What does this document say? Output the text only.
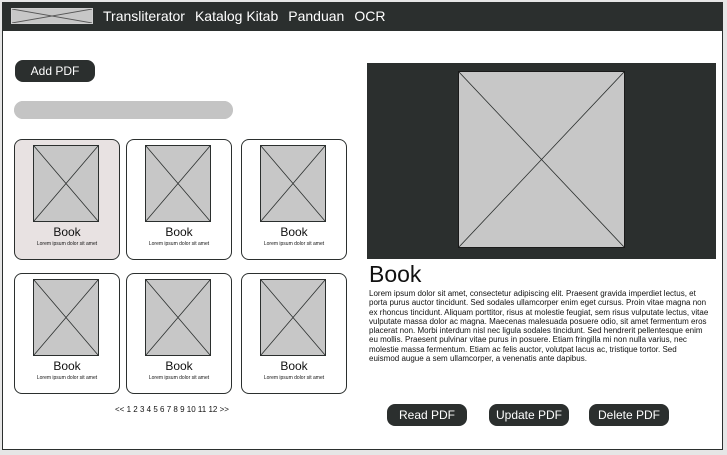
Transliterator Katalog Kitab Panduan OCR
Add PDF
Book
Lorem ipsum dolor sit amet
Book
Lorem ipsum dolor sit amet
Book
Lorem ipsum dolor sit amet
Book
Lorem ipsum dolor sit amet
Book
Lorem ipsum dolor sit amet
Book
Lorem ipsum dolor sit amet
<< 1 2 3 4 5 6 7 8 9 10 11 12 >>
Book
Lorem ipsum dolor sit amet, consectetur adipiscing elit. Praesent gravida imperdiet lectus, et porta purus auctor tincidunt. Sed sodales ullamcorper enim eget cursus. Proin vitae magna non ex rhoncus tincidunt. Aliquam porttitor, risus at molestie feugiat, sem risus vulputate lectus, vitae vulputate massa dolor ac magna. Maecenas malesuada posuere odio, sit amet fermentum eros placerat non. Morbi interdum nisl nec ligula sodales tincidunt. Sed hendrerit pellentesque enim eu mollis. Praesent pulvinar vitae purus in posuere. Etiam fringilla mi non nulla varius, nec molestie massa fermentum. Etiam ac felis auctor, volutpat lacus ac, tristique tortor. Sed euismod augue a sem ullamcorper, a venenatis ante dapibus.
Read PDF	Update PDF	Delete PDF
